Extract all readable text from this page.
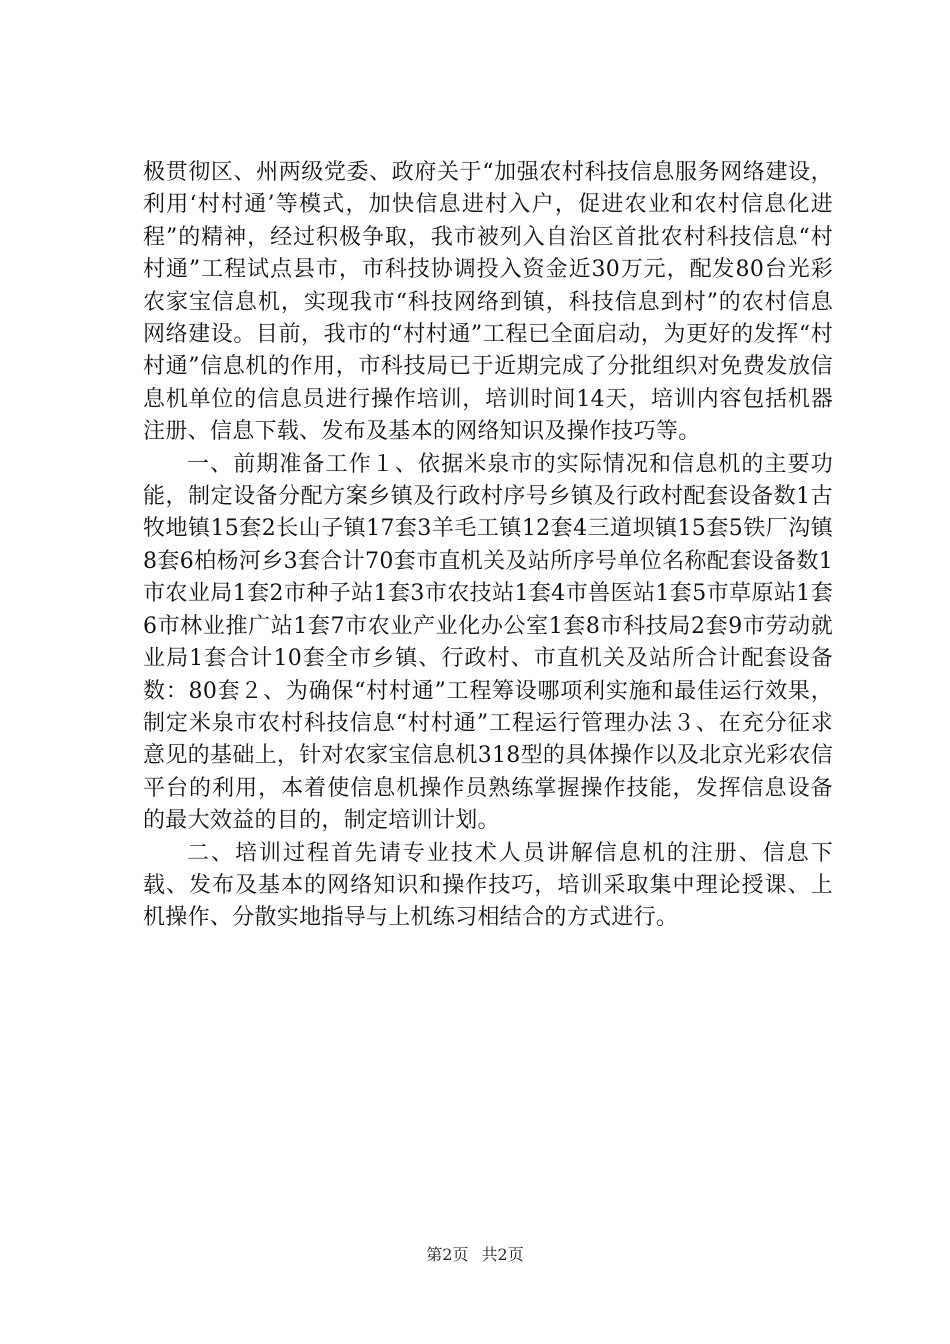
极贯彻区、州两级党委、政府关于“加强农村科技信息服务网络建设，利用‘村村通’等模式，加快信息进村入户，促进农业和农村信息化进程”的精神，经过积极争取，我市被列入自治区首批农村科技信息“村村通”工程试点县市，市科技协调投入资金近30万元，配发80台光彩农家宝信息机，实现我市“科技网络到镇，科技信息到村”的农村信息网络建设。目前，我市的“村村通”工程已全面启动，为更好的发挥“村村通”信息机的作用，市科技局已于近期完成了分批组织对免费发放信息机单位的信息员进行操作培训，培训时间14天，培训内容包括机器注册、信息下载、发布及基本的网络知识及操作技巧等。

一、前期准备工作１、依据米泉市的实际情况和信息机的主要功能，制定设备分配方案乡镇及行政村序号乡镇及行政村配套设备数1古牧地镇15套2长山子镇17套3羊毛工镇12套4三道坝镇15套5铁厂沟镇8套6柏杨河乡3套合计70套市直机关及站所序号单位名称配套设备数1市农业局1套2市种子站1套3市农技站1套4市兽医站1套5市草原站1套6市林业推广站1套7市农业产业化办公室1套8市科技局2套9市劳动就业局1套合计10套全市乡镇、行政村、市直机关及站所合计配套设备数：80套２、为确保“村村通”工程筹设哪项利实施和最佳运行效果，制定米泉市农村科技信息“村村通”工程运行管理办法３、在充分征求意见的基础上，针对农家宝信息机318型的具体操作以及北京光彩农信平台的利用，本着使信息机操作员熟练掌握操作技能，发挥信息设备的最大效益的目的，制定培训计划。

二、培训过程首先请专业技术人员讲解信息机的注册、信息下载、发布及基本的网络知识和操作技巧，培训采取集中理论授课、上机操作、分散实地指导与上机练习相结合的方式进行。

第2页 共2页
